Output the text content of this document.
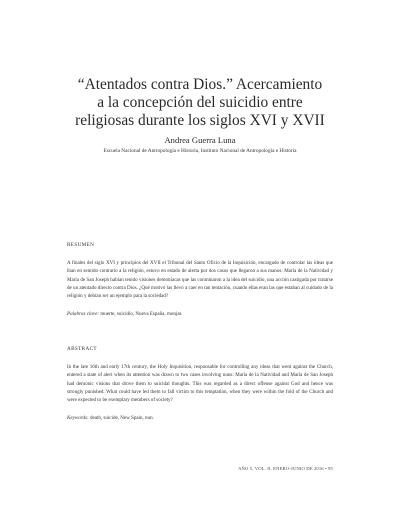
“Atentados contra Dios.” Acercamiento
a la concepción del suicidio entre
religiosas durante los siglos XVI y XVII
Andrea Guerra Luna
Escuela Nacional de Antropología e Historia, Instituto Nacional de Antropología e Historia
RESUMEN

A finales del siglo XVI y principios del XVII el Tribunal del Santo Oficio de la Inquisición, encargado de controlar las ideas que iban en sentido contrario a la religión, estuvo en estado de alerta por dos casos que llegaron a sus manos: María de la Natividad y María de San Joseph habían tenido visiones demoníacas que las conminaron a la idea del suicidio, una acción castigada por tratarse de un atentado directo contra Dios. ¿Qué motivó las llevó a caer en tan tentación, cuando ellas eran las que estaban al cuidado de la religión y debían ser un ejemplo para la sociedad?

Palabras clave: muerte, suicidio, Nueva España, monjas
ABSTRACT

In the late 16th and early 17th century, the Holy Inquisition, responsable for controlling any ideas that went against the Church, entered a state of alert when its attention was drawn to two cases involving nuns: María de la Natividad and María de San Joseph had demonic visions that drove them to suicidal thoughts. This was regarded as a direct offense against God and hence was strongly punished. What could have led them to fall victim to this temptation, when they were within the fold of the Church and were expected to be exemplary members of society?

Keywords: death, suicide, New Spain, nun.
AÑO 5, VOL. II, ENERO-JUNIO DE 2016 • 95
